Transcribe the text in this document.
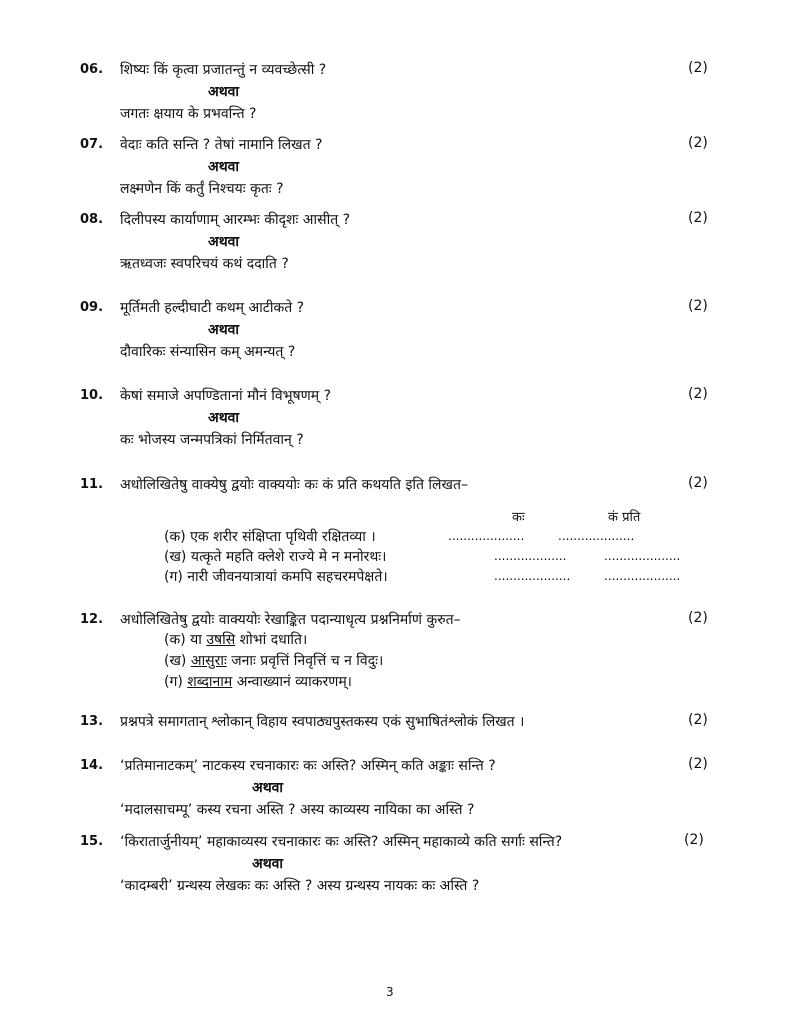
06. शिष्यः किं कृत्वा प्रजातन्तुं न व्यवच्छेत्सी ?	(2)
अथवा
जगतः क्षयाय के प्रभवन्ति ?
07. वेदाः कति सन्ति ? तेषां नामानि लिखत ?	(2)
अथवा
लक्ष्मणेन किं कर्तुं निश्चयः कृतः ?
08. दिलीपस्य कार्याणाम् आरम्भः कीदृशः आसीत् ?	(2)
अथवा
ऋतध्वजः स्वपरिचयं कथं ददाति ?
09. मूर्तिमती हल्दीघाटी कथम् आटीकते ?	(2)
अथवा
दौवारिकः संन्यासिन कम् अमन्यत् ?
10. केषां समाजे अपण्डितानां मौनं विभूषणम् ?	(2)
अथवा
कः भोजस्य जन्मपत्रिकां निर्मितवान् ?
11. अधोलिखितेषु वाक्येषु द्वयोः वाक्ययोः कः कं प्रति कथयति इति लिखत–	(2)
कः	कं प्रति
(क) एक शरीर संक्षिप्ता पृथिवी रक्षितव्या ।	....................	....................
(ख) यत्कृते महति क्लेशे राज्ये मे न मनोरथः।	...................	....................
(ग) नारी जीवनयात्रायां कमपि सहचरमपेक्षते।	....................	....................
12. अधोलिखितेषु द्वयोः वाक्ययोः रेखाङ्कित पदान्याधृत्य प्रश्ननिर्माणं कुरुत–	(2)
(क) या उषसि शोभां दधाति।
(ख) आसुराः जनाः प्रवृत्तिं निवृत्तिं च न विदुः।
(ग) शब्दानाम अन्वाख्यानं व्याकरणम्।
13. प्रश्नपत्रे समागतान् श्लोकान् विहाय स्वपाठ्यपुस्तकस्य एकं सुभाषितंश्लोकं लिखत ।	(2)
14. ‘प्रतिमानाटकम्’ नाटकस्य रचनाकारः कः अस्ति? अस्मिन् कति अङ्काः सन्ति ?	(2)
अथवा
‘मदालसाचम्पू’ कस्य रचना अस्ति ? अस्य काव्यस्य नायिका का अस्ति ?
15. ‘किरातार्जुनीयम्’ महाकाव्यस्य रचनाकारः कः अस्ति? अस्मिन् महाकाव्ये कति सर्गाः सन्ति?	(2)
अथवा
‘कादम्बरी’ ग्रन्थस्य लेखकः कः अस्ति ? अस्य ग्रन्थस्य नायकः कः अस्ति ?
3
